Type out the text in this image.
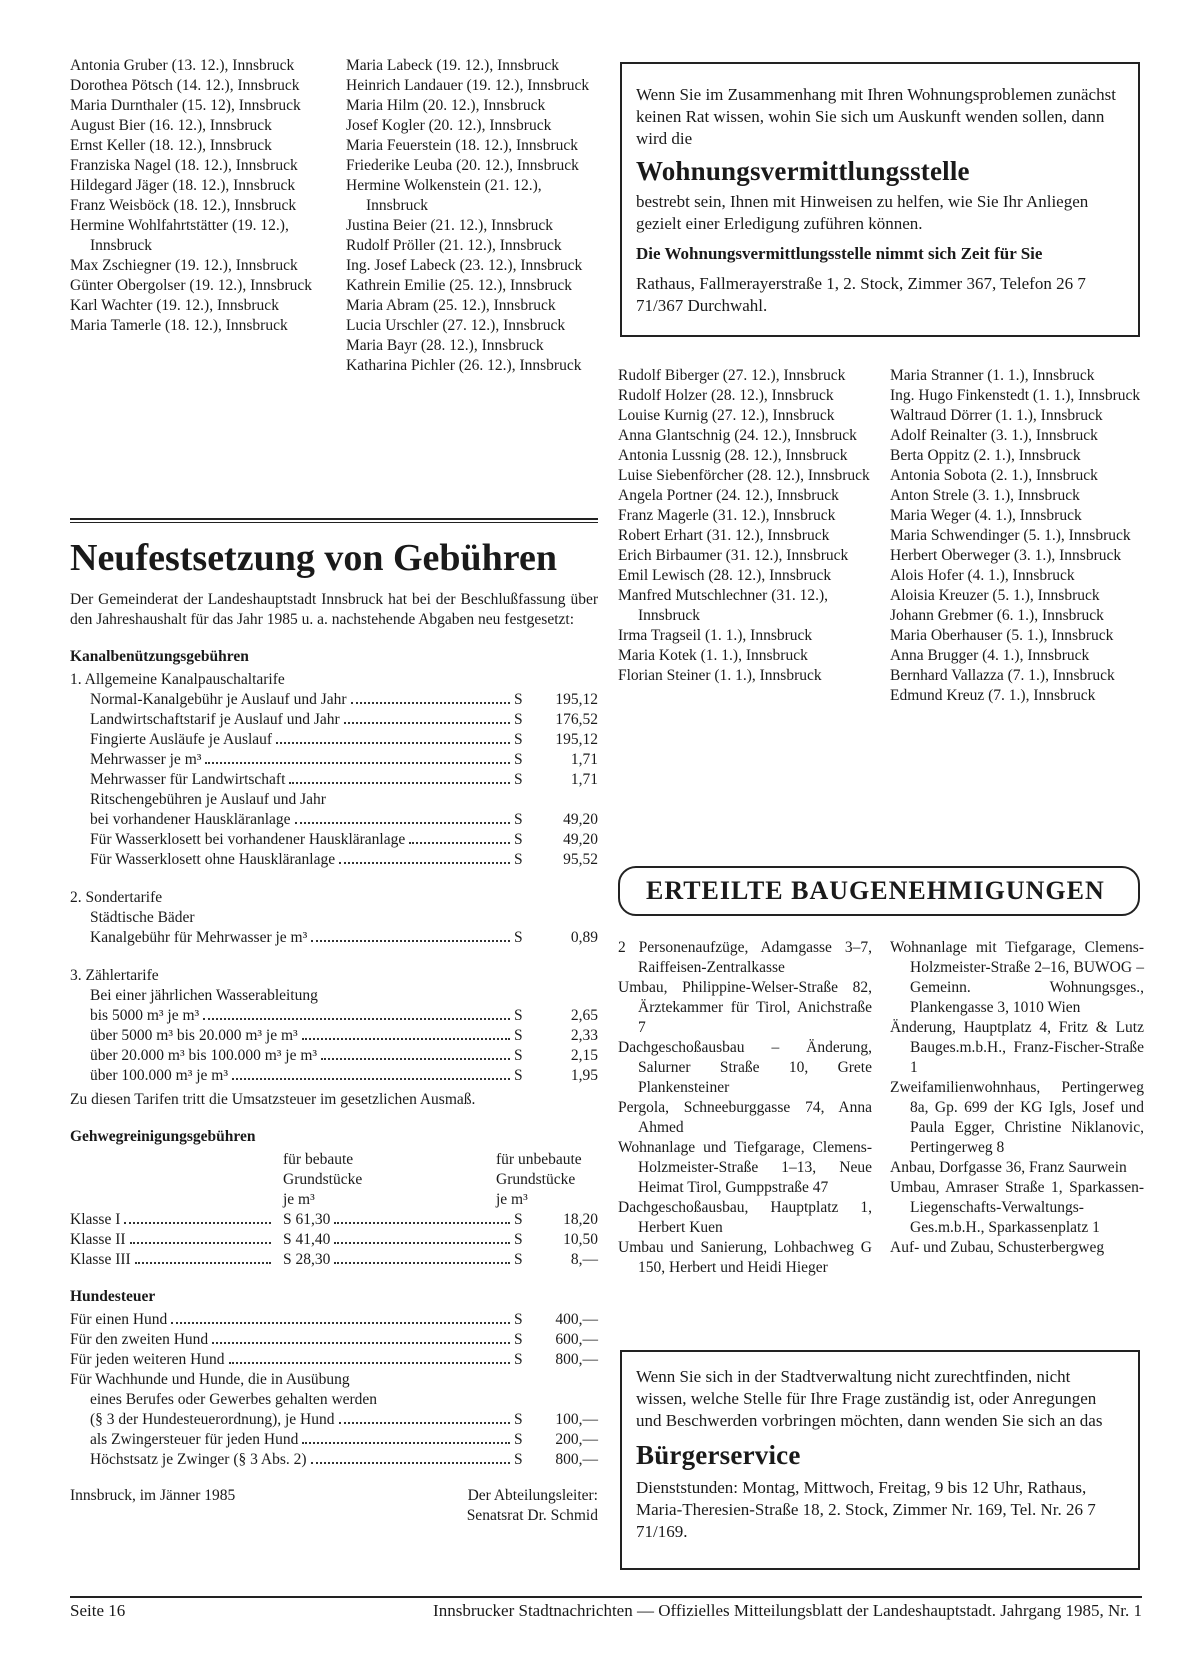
Antonia Gruber (13. 12.), Innsbruck
Dorothea Pötsch (14. 12.), Innsbruck
Maria Durnthaler (15. 12), Innsbruck
August Bier (16. 12.), Innsbruck
Ernst Keller (18. 12.), Innsbruck
Franziska Nagel (18. 12.), Innsbruck
Hildegard Jäger (18. 12.), Innsbruck
Franz Weisböck (18. 12.), Innsbruck
Hermine Wohlfahrtstätter (19. 12.), Innsbruck
Max Zschiegner (19. 12.), Innsbruck
Günter Obergolser (19. 12.), Innsbruck
Karl Wachter (19. 12.), Innsbruck
Maria Tamerle (18. 12.), Innsbruck
Maria Labeck (19. 12.), Innsbruck
Heinrich Landauer (19. 12.), Innsbruck
Maria Hilm (20. 12.), Innsbruck
Josef Kogler (20. 12.), Innsbruck
Maria Feuerstein (18. 12.), Innsbruck
Friederike Leuba (20. 12.), Innsbruck
Hermine Wolkenstein (21. 12.), Innsbruck
Justina Beier (21. 12.), Innsbruck
Rudolf Pröller (21. 12.), Innsbruck
Ing. Josef Labeck (23. 12.), Innsbruck
Kathrein Emilie (25. 12.), Innsbruck
Maria Abram (25. 12.), Innsbruck
Lucia Urschler (27. 12.), Innsbruck
Maria Bayr (28. 12.), Innsbruck
Katharina Pichler (26. 12.), Innsbruck
Wenn Sie im Zusammenhang mit Ihren Wohnungsproblemen zunächst keinen Rat wissen, wohin Sie sich um Auskunft wenden sollen, dann wird die
Wohnungsvermittlungsstelle
bestrebt sein, Ihnen mit Hinweisen zu helfen, wie Sie Ihr Anliegen gezielt einer Erledigung zuführen können.
Die Wohnungsvermittlungsstelle nimmt sich Zeit für Sie
Rathaus, Fallmerayerstraße 1, 2. Stock, Zimmer 367, Telefon 26 7 71/367 Durchwahl.
Rudolf Biberger (27. 12.), Innsbruck
Rudolf Holzer (28. 12.), Innsbruck
Louise Kurnig (27. 12.), Innsbruck
Anna Glantschnig (24. 12.), Innsbruck
Antonia Lussnig (28. 12.), Innsbruck
Luise Siebenförcher (28. 12.), Innsbruck
Angela Portner (24. 12.), Innsbruck
Franz Magerle (31. 12.), Innsbruck
Robert Erhart (31. 12.), Innsbruck
Erich Birbaumer (31. 12.), Innsbruck
Emil Lewisch (28. 12.), Innsbruck
Manfred Mutschlechner (31. 12.), Innsbruck
Irma Tragseil (1. 1.), Innsbruck
Maria Kotek (1. 1.), Innsbruck
Florian Steiner (1. 1.), Innsbruck
Maria Stranner (1. 1.), Innsbruck
Ing. Hugo Finkenstedt (1. 1.), Innsbruck
Waltraud Dörrer (1. 1.), Innsbruck
Adolf Reinalter (3. 1.), Innsbruck
Berta Oppitz (2. 1.), Innsbruck
Antonia Sobota (2. 1.), Innsbruck
Anton Strele (3. 1.), Innsbruck
Maria Weger (4. 1.), Innsbruck
Maria Schwendinger (5. 1.), Innsbruck
Herbert Oberweger (3. 1.), Innsbruck
Alois Hofer (4. 1.), Innsbruck
Aloisia Kreuzer (5. 1.), Innsbruck
Johann Grebmer (6. 1.), Innsbruck
Maria Oberhauser (5. 1.), Innsbruck
Anna Brugger (4. 1.), Innsbruck
Bernhard Vallazza (7. 1.), Innsbruck
Edmund Kreuz (7. 1.), Innsbruck
Neufestsetzung von Gebühren
Der Gemeinderat der Landeshauptstadt Innsbruck hat bei der Beschlußfassung über den Jahreshaushalt für das Jahr 1985 u. a. nachstehende Abgaben neu festgesetzt:
Kanalbenützungsgebühren
1. Allgemeine Kanalpauschaltarife
Normal-Kanalgebühr je Auslauf und Jahr	S	195,12
Landwirtschaftstarif je Auslauf und Jahr	S	176,52
Fingierte Ausläufe je Auslauf	S	195,12
Mehrwasser je m³	S	1,71
Mehrwasser für Landwirtschaft	S	1,71
Ritschengebühren je Auslauf und Jahr
bei vorhandener Hauskläranlage	S	49,20
Für Wasserklosett bei vorhandener Hauskläranlage	S	49,20
Für Wasserklosett ohne Hauskläranlage	S	95,52
2. Sondertarife
Städtische Bäder
Kanalgebühr für Mehrwasser je m³	S	0,89
3. Zählertarife
Bei einer jährlichen Wasserableitung
bis 5000 m³ je m³	S	2,65
über 5000 m³ bis 20.000 m³ je m³	S	2,33
über 20.000 m³ bis 100.000 m³ je m³	S	2,15
über 100.000 m³ je m³	S	1,95
Zu diesen Tarifen tritt die Umsatzsteuer im gesetzlichen Ausmaß.
Gehwegreinigungsgebühren
für bebaute
Grundstücke
je m³
für unbebaute
Grundstücke
je m³
Klasse I	S 61,30	S	18,20
Klasse II	S 41,40	S	10,50
Klasse III	S 28,30	S	8,—
Hundesteuer
Für einen Hund	S	400,—
Für den zweiten Hund	S	600,—
Für jeden weiteren Hund	S	800,—
Für Wachhunde und Hunde, die in Ausübung
eines Berufes oder Gewerbes gehalten werden
(§ 3 der Hundesteuerordnung), je Hund	S	100,—
als Zwingersteuer für jeden Hund	S	200,—
Höchstsatz je Zwinger (§ 3 Abs. 2)	S	800,—
Innsbruck, im Jänner 1985	Der Abteilungsleiter:
Senatsrat Dr. Schmid
ERTEILTE BAUGENEHMIGUNGEN
2 Personenaufzüge, Adamgasse 3–7, Raiffeisen-Zentralkasse
Umbau, Philippine-Welser-Straße 82, Ärztekammer für Tirol, Anichstraße 7
Dachgeschoßausbau – Änderung, Salurner Straße 10, Grete Plankensteiner
Pergola, Schneeburggasse 74, Anna Ahmed
Wohnanlage und Tiefgarage, Clemens-Holzmeister-Straße 1–13, Neue Heimat Tirol, Gumppstraße 47
Dachgeschoßausbau, Hauptplatz 1, Herbert Kuen
Umbau und Sanierung, Lohbachweg G 150, Herbert und Heidi Hieger
Wohnanlage mit Tiefgarage, Clemens-Holzmeister-Straße 2–16, BUWOG – Gemeinn. Wohnungsges., Plankengasse 3, 1010 Wien
Änderung, Hauptplatz 4, Fritz & Lutz Bauges.m.b.H., Franz-Fischer-Straße 1
Zweifamilienwohnhaus, Pertingerweg 8a, Gp. 699 der KG Igls, Josef und Paula Egger, Christine Niklanovic, Pertingerweg 8
Anbau, Dorfgasse 36, Franz Saurwein
Umbau, Amraser Straße 1, Sparkassen-Liegenschafts-Verwaltungs-Ges.m.b.H., Sparkassenplatz 1
Auf- und Zubau, Schusterbergweg
Wenn Sie sich in der Stadtverwaltung nicht zurechtfinden, nicht wissen, welche Stelle für Ihre Frage zuständig ist, oder Anregungen und Beschwerden vorbringen möchten, dann wenden Sie sich an das
Bürgerservice
Dienststunden: Montag, Mittwoch, Freitag, 9 bis 12 Uhr, Rathaus, Maria-Theresien-Straße 18, 2. Stock, Zimmer Nr. 169, Tel. Nr. 26 7 71/169.
Seite 16	Innsbrucker Stadtnachrichten — Offizielles Mitteilungsblatt der Landeshauptstadt. Jahrgang 1985, Nr. 1
